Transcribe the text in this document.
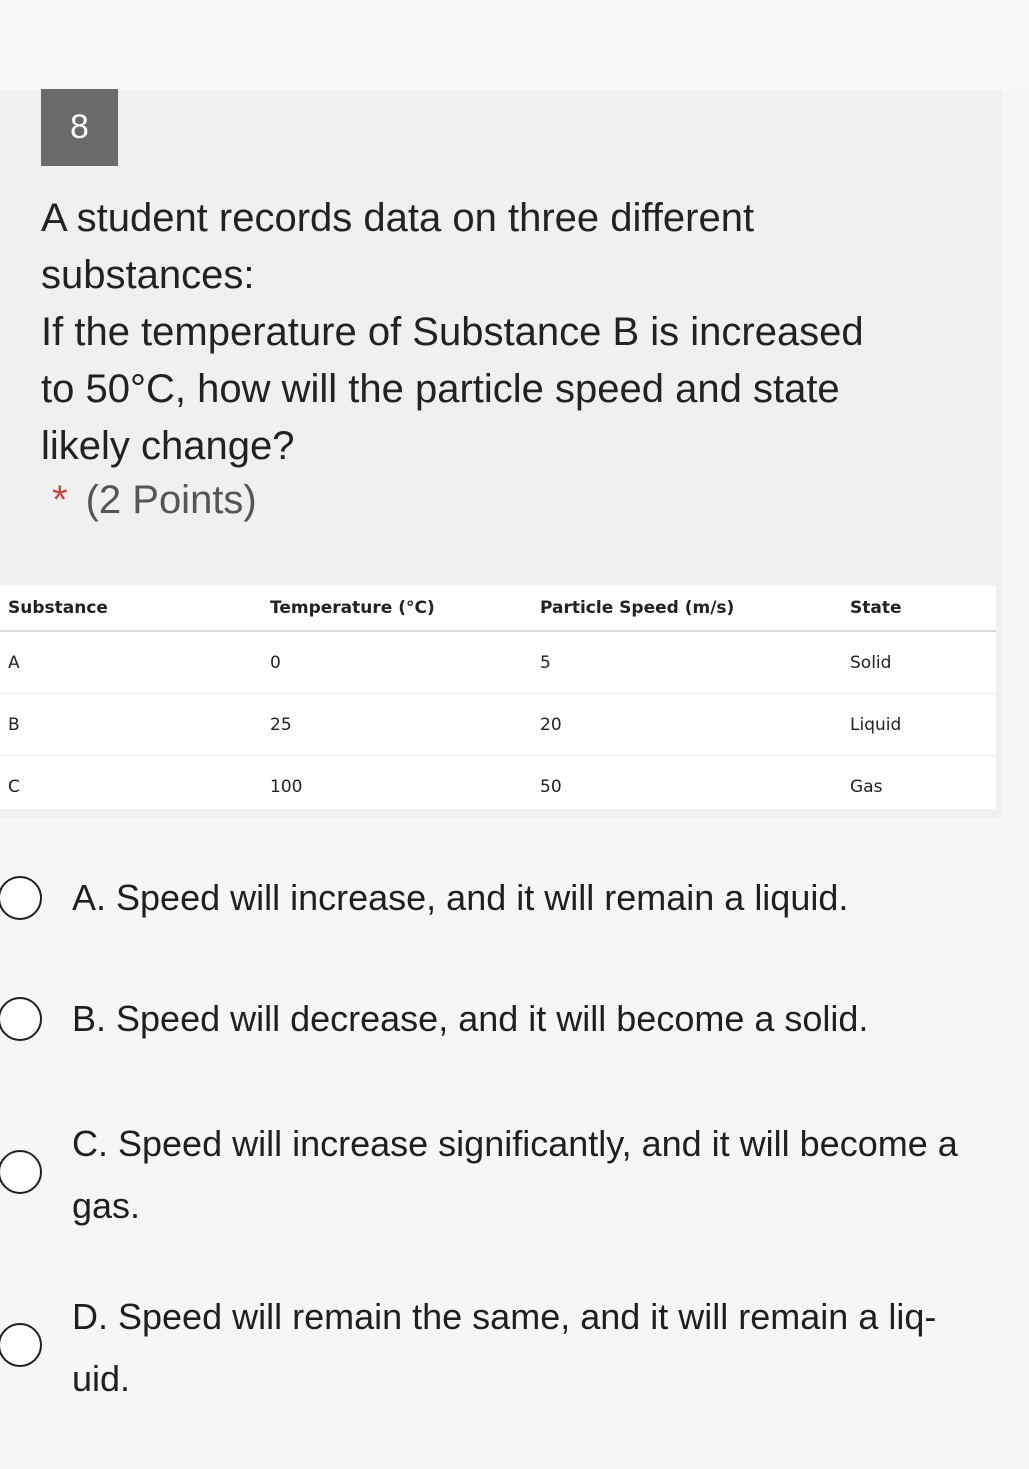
8
A student records data on three different
substances:
If the temperature of Substance B is increased
to 50°C, how will the particle speed and state
likely change?
* (2 Points)
Substance	Temperature (°C)	Particle Speed (m/s)	State
A	0	5	Solid
B	25	20	Liquid
C	100	50	Gas
A. Speed will increase, and it will remain a liquid.
B. Speed will decrease, and it will become a solid.
C. Speed will increase significantly, and it will become a
gas.
D. Speed will remain the same, and it will remain a liq-
uid.
